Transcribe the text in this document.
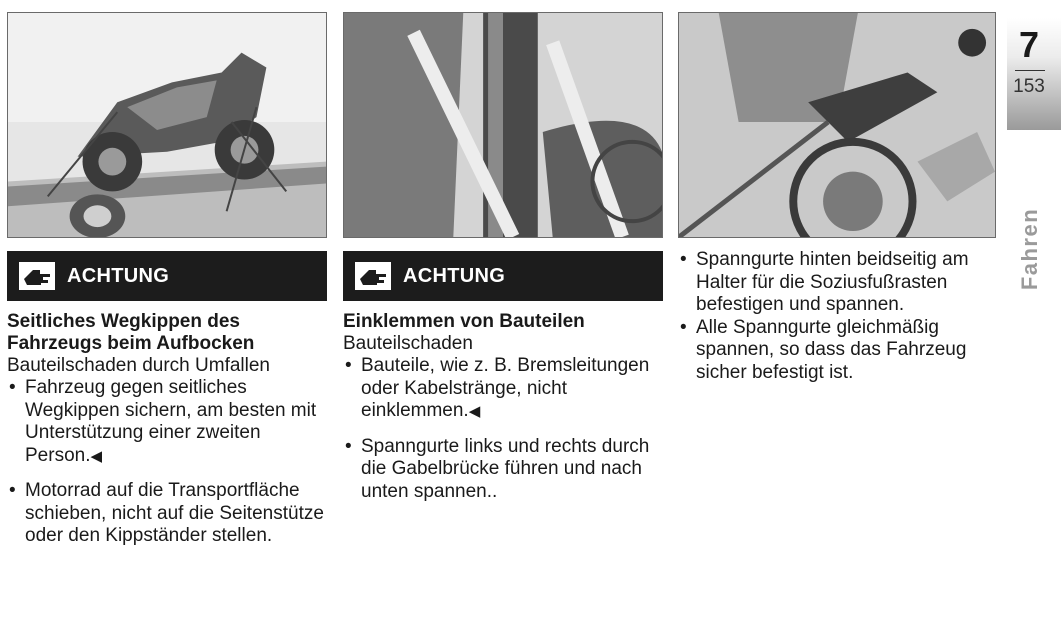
ACHTUNG
Seitliches Wegkippen des Fahrzeugs beim Aufbocken
Bauteilschaden durch Umfallen
• Fahrzeug gegen seitliches Wegkippen sichern, am besten mit Unterstützung einer zweiten Person.◀
• Motorrad auf die Transportfläche schieben, nicht auf die Seitenstütze oder den Kippständer stellen.
ACHTUNG
Einklemmen von Bauteilen
Bauteilschaden
• Bauteile, wie z. B. Bremsleitungen oder Kabelstränge, nicht einklemmen.◀
• Spanngurte links und rechts durch die Gabelbrücke führen und nach unten spannen..
• Spanngurte hinten beidseitig am Halter für die Soziusfußrasten befestigen und spannen.
• Alle Spanngurte gleichmäßig spannen, so dass das Fahrzeug sicher befestigt ist.
7
153
Fahren
